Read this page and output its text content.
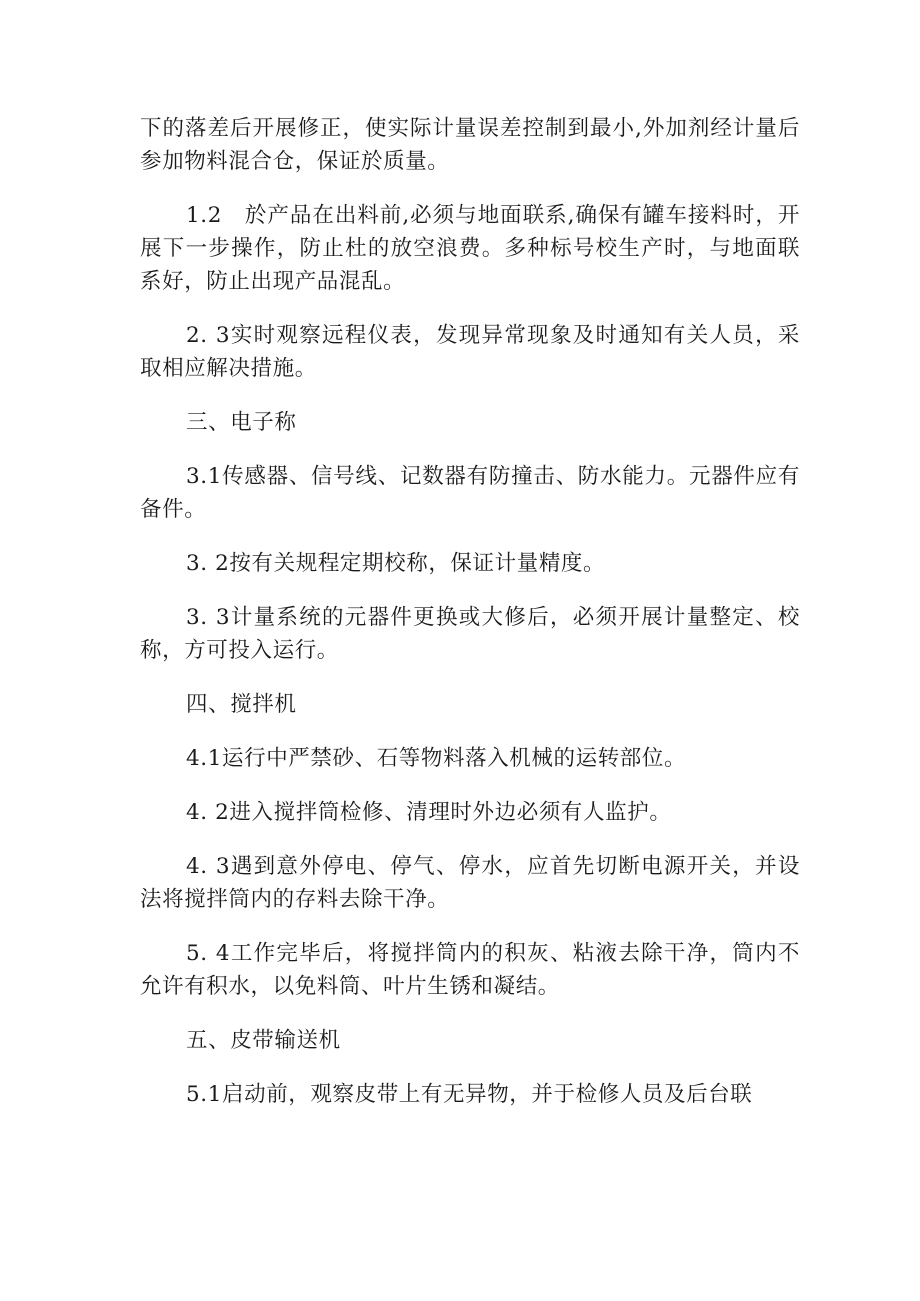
下的落差后开展修正，使实际计量误差控制到最小,外加剂经计量后参加物料混合仓，保证於质量。

1.2　於产品在出料前,必须与地面联系,确保有罐车接料时，开展下一步操作，防止杜的放空浪费。多种标号校生产时，与地面联系好，防止出现产品混乱。

2. 3实时观察远程仪表，发现异常现象及时通知有关人员，采取相应解决措施。

三、电子称

3.1传感器、信号线、记数器有防撞击、防水能力。元器件应有备件。

3. 2按有关规程定期校称，保证计量精度。

3. 3计量系统的元器件更换或大修后，必须开展计量整定、校称，方可投入运行。

四、搅拌机

4.1运行中严禁砂、石等物料落入机械的运转部位。

4. 2进入搅拌筒检修、清理时外边必须有人监护。

4. 3遇到意外停电、停气、停水，应首先切断电源开关，并设法将搅拌筒内的存料去除干净。

5. 4工作完毕后，将搅拌筒内的积灰、粘液去除干净，筒内不允许有积水，以免料筒、叶片生锈和凝结。

五、皮带输送机

5.1启动前，观察皮带上有无异物，并于检修人员及后台联
